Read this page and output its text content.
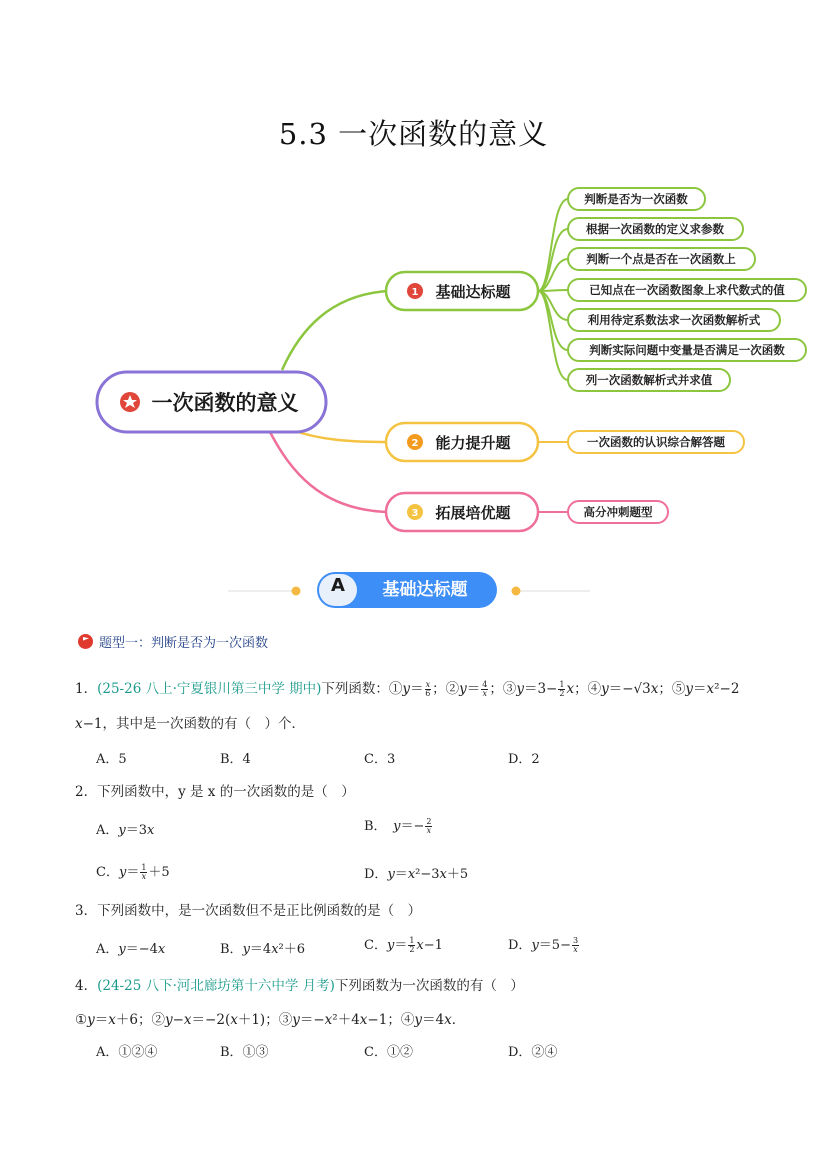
5.3 一次函数的意义
一次函数的意义
1 基础达标题
2 能力提升题
3 拓展培优题
判断是否为一次函数
根据一次函数的定义求参数
判断一个点是否在一次函数上
已知点在一次函数图象上求代数式的值
利用待定系数法求一次函数解析式
判断实际问题中变量是否满足一次函数
列一次函数解析式并求值
一次函数的认识综合解答题
高分冲刺题型
A	基础达标题
题型一：判断是否为一次函数
1．(25-26 八上·宁夏银川第三中学 期中)下列函数：①y＝ $\frac{x}{6}$ ；②y＝ $\frac{4}{x}$ ；③y＝3− $\frac{1}{2}$ x；④y＝−√3x；⑤y＝x²−2
x−1，其中是一次函数的有（　）个．
A．5	B．4	C．3	D．2
2．下列函数中，y 是 x 的一次函数的是（　）
A．y＝3x	B．　 $y=- \frac{2}{x}$
C．$y= \frac{1}{x} +5$	D．y＝x²−3x＋5
3．下列函数中，是一次函数但不是正比例函数的是（　）
A．y＝−4x	B．y＝4x²＋6	C．$y= \frac{1}{2} x-1$	D．$y=5- \frac{3}{x}$
4．(24-25 八下·河北廊坊第十六中学 月考)下列函数为一次函数的有（　）
①y＝x＋6；②y−x＝−2(x＋1)；③y＝−x²＋4x−1；④y＝4x．
A．①②④	B．①③	C．①②	D．②④
